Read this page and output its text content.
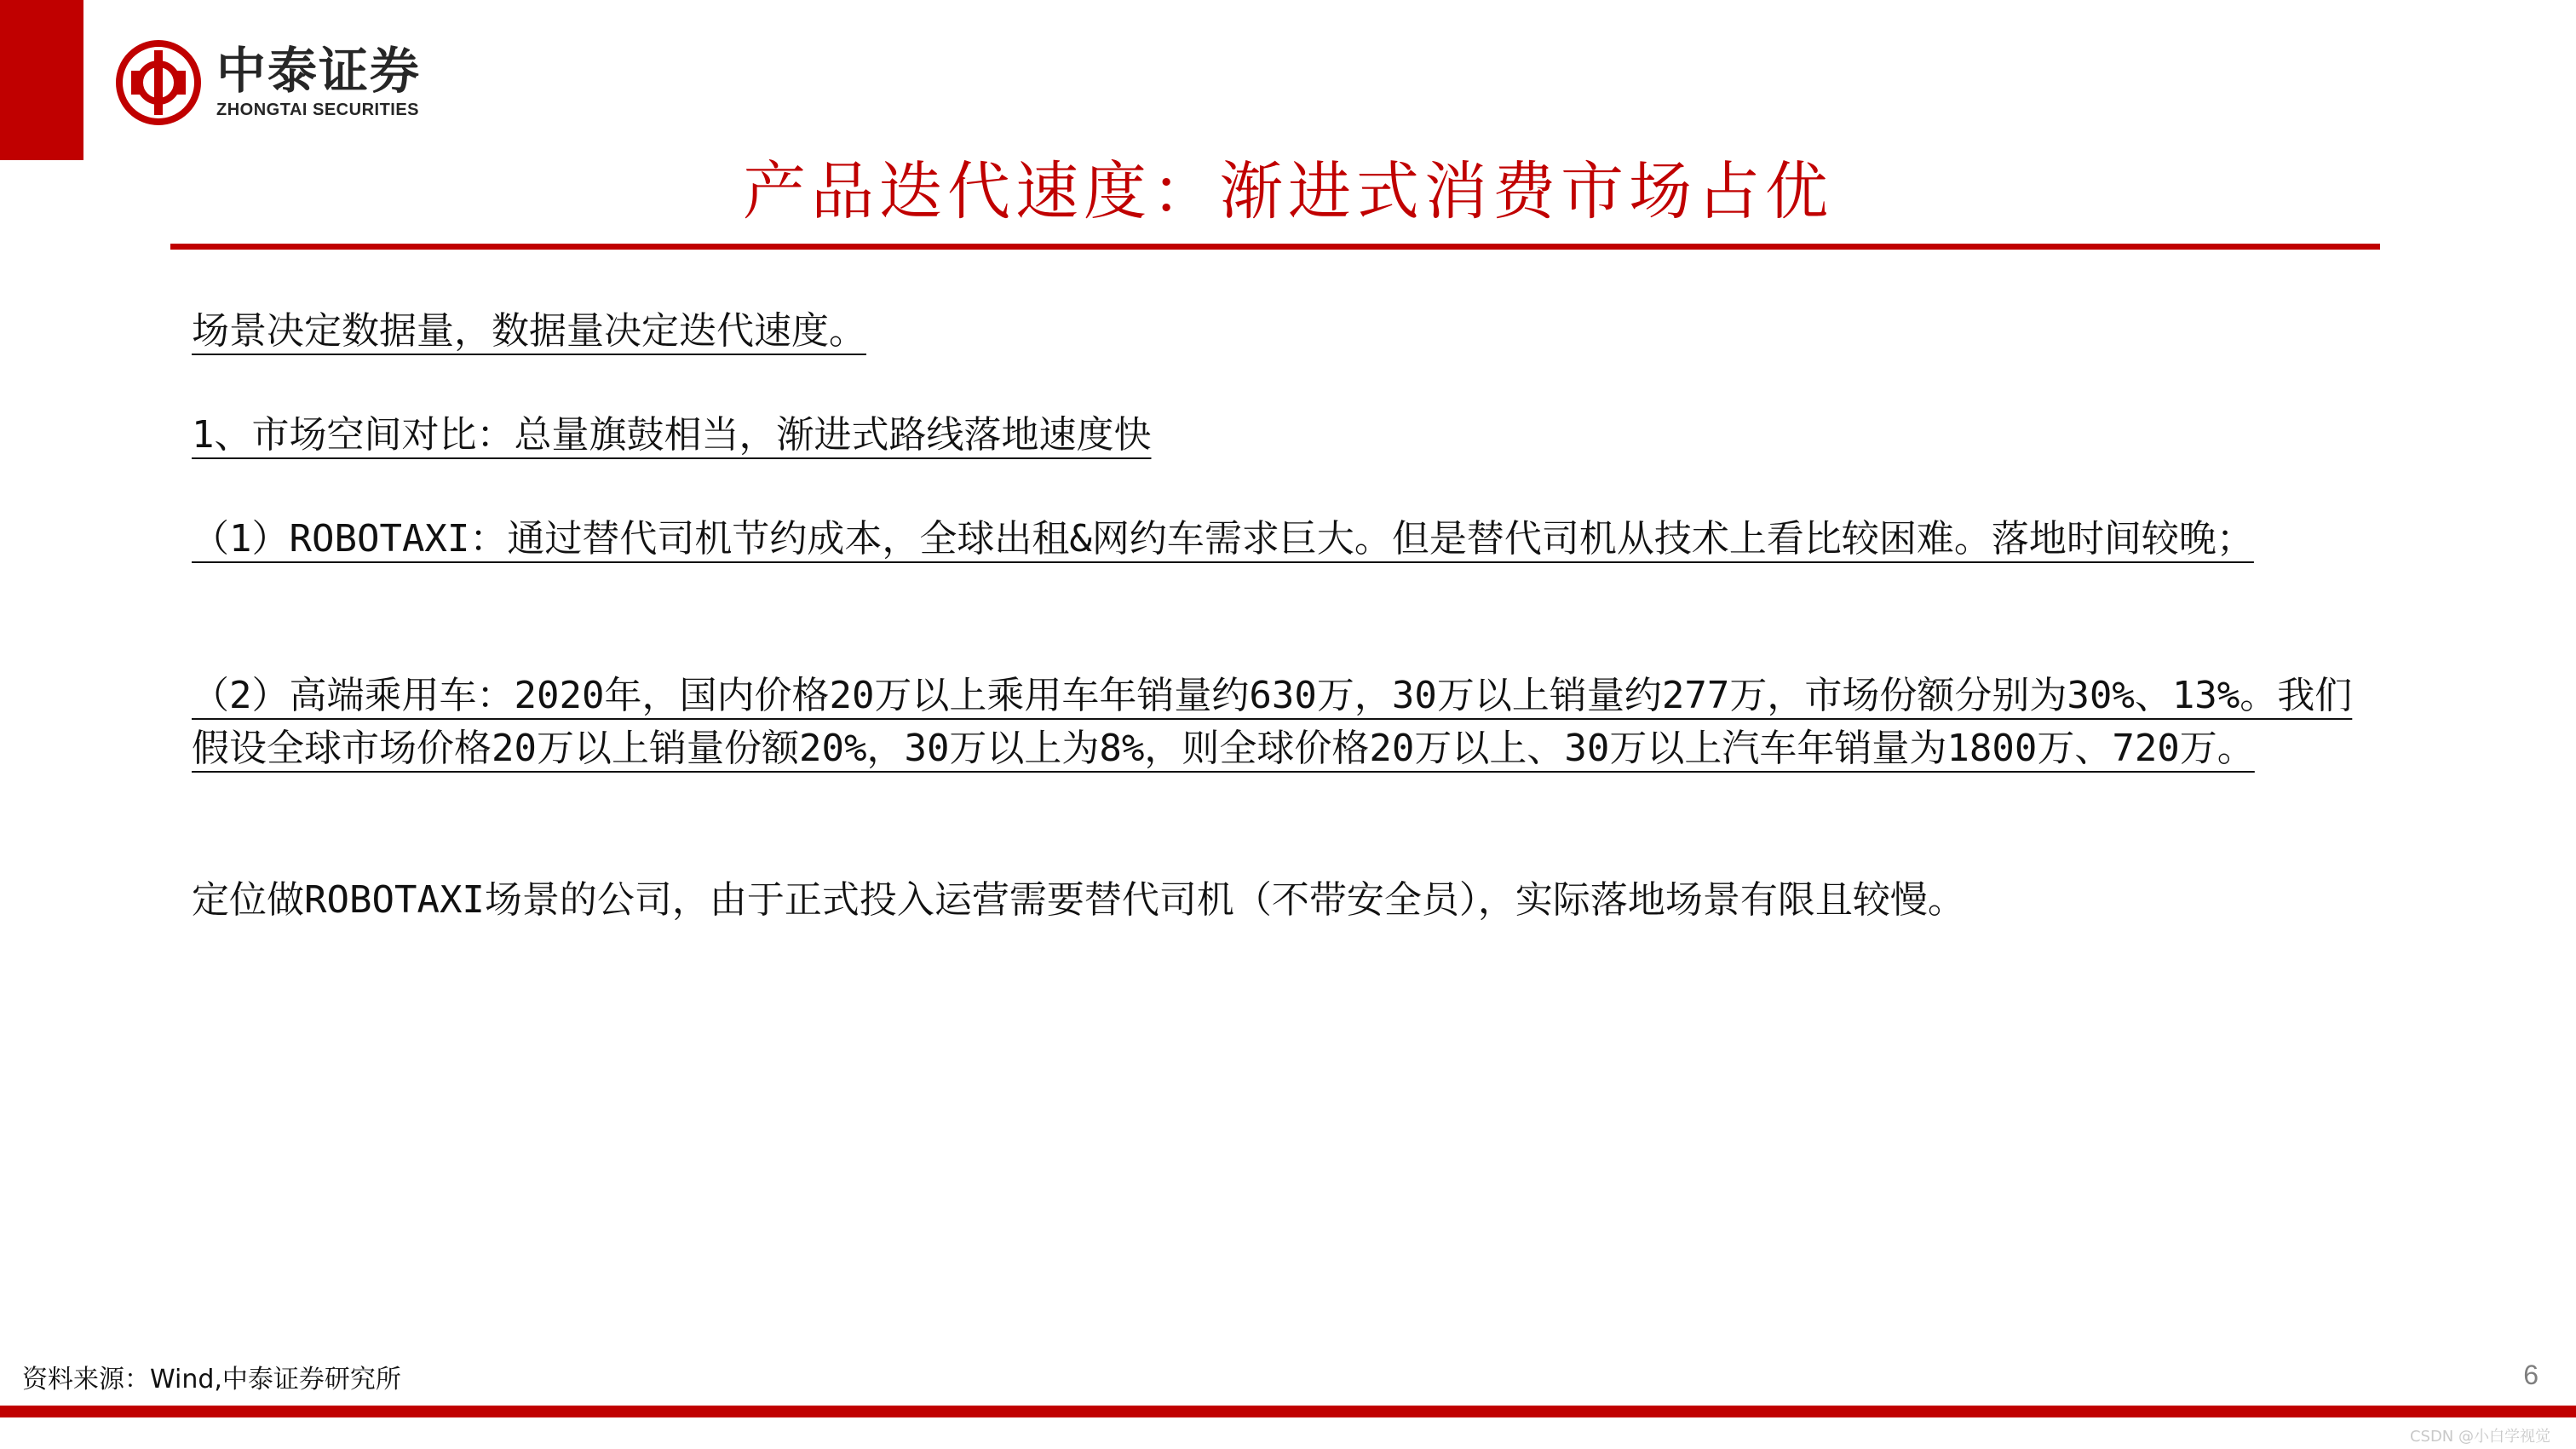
中泰证券
ZHONGTAI SECURITIES
产品迭代速度：渐进式消费市场占优

场景决定数据量，数据量决定迭代速度。

1、市场空间对比：总量旗鼓相当，渐进式路线落地速度快

（1）ROBOTAXI：通过替代司机节约成本，全球出租&网约车需求巨大。但是替代司机从技术上看比较困难。落地时间较晚；

（2）高端乘用车：2020年，国内价格20万以上乘用车年销量约630万，30万以上销量约277万，市场份额分别为30%、13%。我们假设全球市场价格20万以上销量份额20%，30万以上为8%，则全球价格20万以上、30万以上汽车年销量为1800万、720万。

定位做ROBOTAXI场景的公司，由于正式投入运营需要替代司机（不带安全员），实际落地场景有限且较慢。

资料来源：Wind,中泰证券研究所	6
CSDN @小白学视觉
